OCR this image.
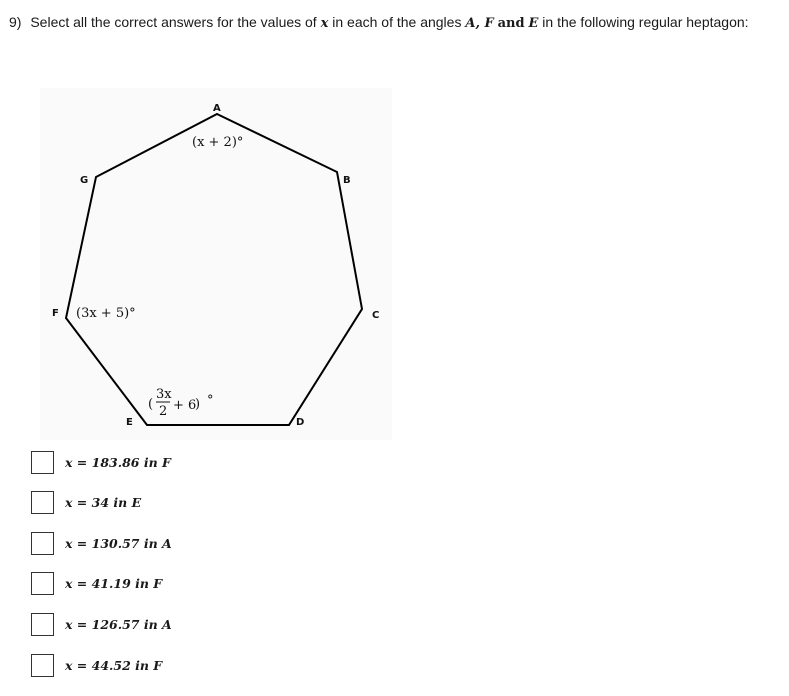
9) Select all the correct answers for the values of x in each of the angles A, F and E in the following regular heptagon:
A
B
C
D
E
F
G
(x + 2)°
(3x + 5)°
(
3x
2 + 6
) °
x = 183.86 in F
x = 34 in E
x = 130.57 in A
x = 41.19 in F
x = 126.57 in A
x = 44.52 in F
